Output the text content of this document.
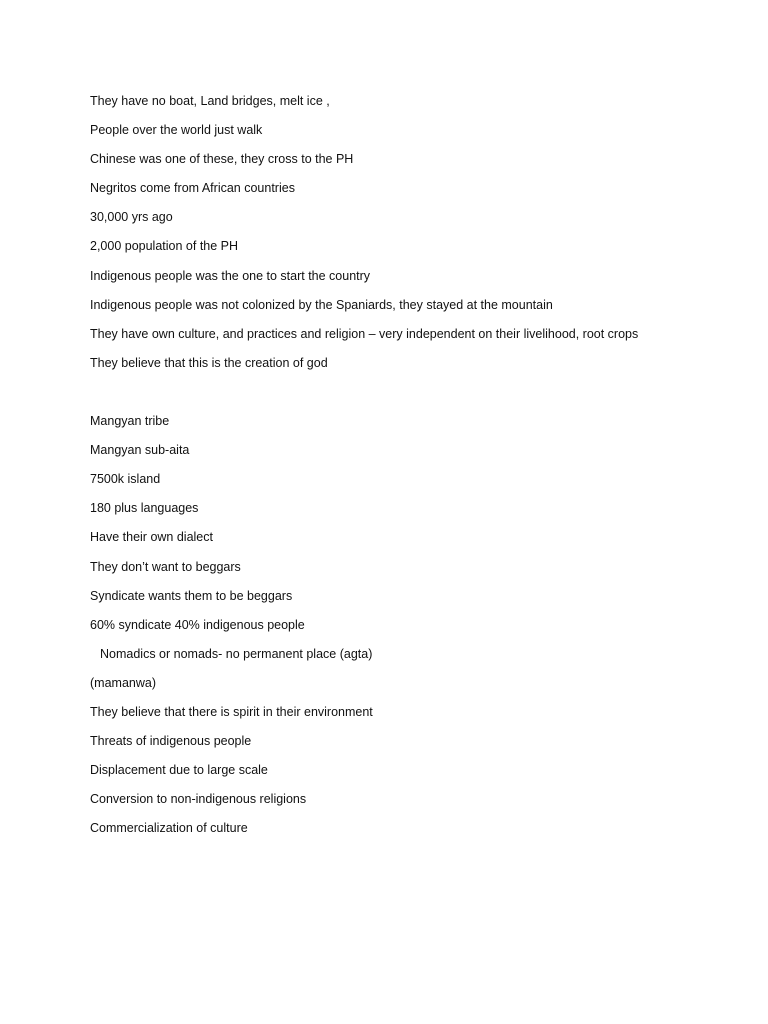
They have no boat, Land bridges, melt ice ,
People over the world just walk
Chinese was one of these, they cross to the PH
Negritos come from African countries
30,000 yrs ago
2,000 population of the PH
Indigenous people was the one to start the country
Indigenous people was not colonized by the Spaniards, they stayed at the mountain
They have own culture, and practices and religion – very independent on their livelihood, root crops
They believe that this is the creation of god
Mangyan tribe
Mangyan sub-aita
7500k island
180 plus languages
Have their own dialect
They don’t want to beggars
Syndicate wants them to be beggars
60% syndicate 40% indigenous people
Nomadics or nomads- no permanent place (agta)
(mamanwa)
They believe that there is spirit in their environment
Threats of indigenous people
Displacement due to large scale
Conversion to non-indigenous religions
Commercialization of culture
